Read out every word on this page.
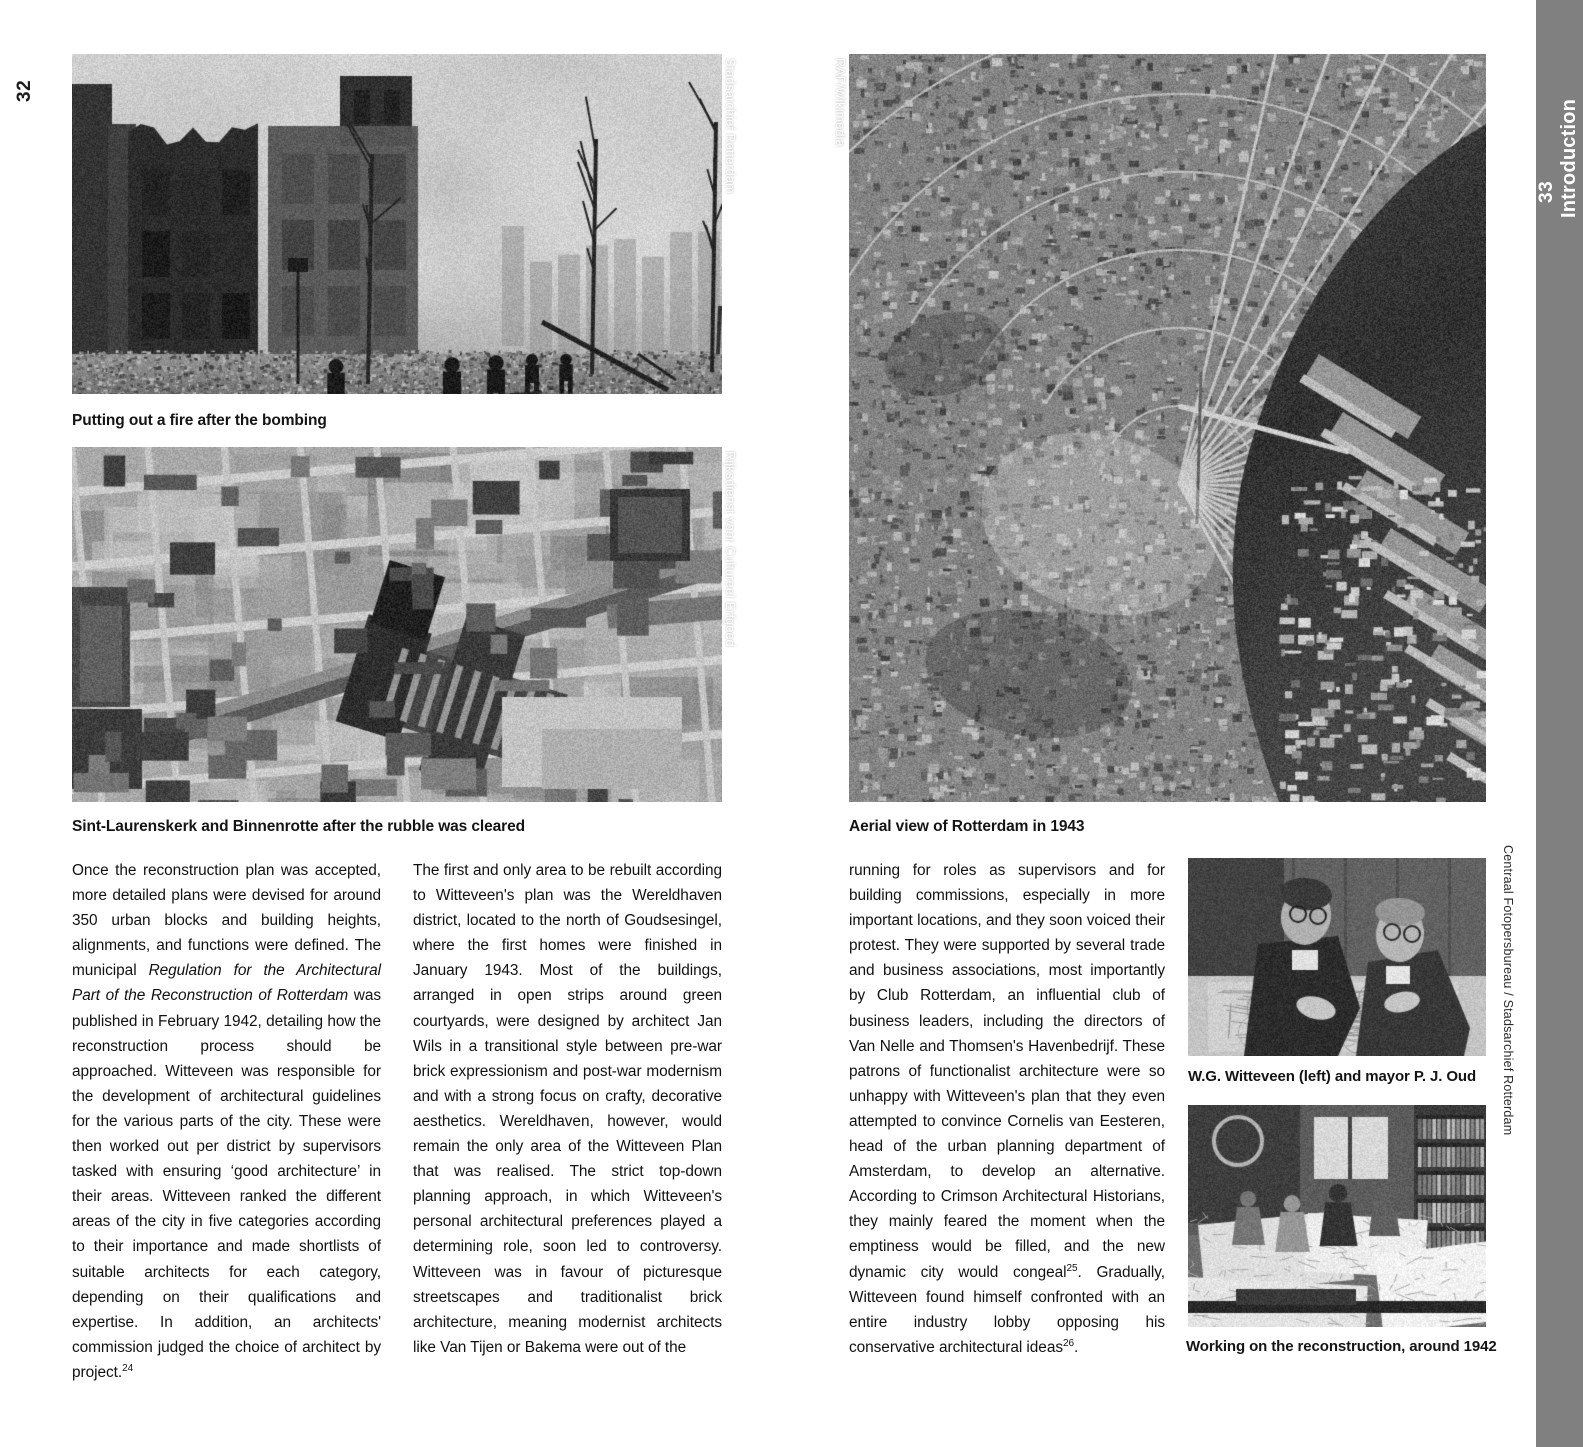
32	Stadsarchief Rotterdam
Putting out a fire after the bombing
Rijksdienst voor Cultureel Erfgoed
Sint-Laurenskerk and Binnenrotte after the rubble was cleared

Once the reconstruction plan was accepted, more detailed plans were devised for around 350 urban blocks and building heights, alignments, and functions were defined. The municipal Regulation for the Architectural Part of the Reconstruction of Rotterdam was published in February 1942, detailing how the reconstruction process should be approached. Witteveen was responsible for the development of architectural guidelines for the various parts of the city. These were then worked out per district by supervisors tasked with ensuring ‘good architecture’ in their areas. Witteveen ranked the different areas of the city in five categories according to their importance and made shortlists of suitable architects for each category, depending on their qualifications and expertise. In addition, an architects' commission judged the choice of architect by project.$^{24}$

The first and only area to be rebuilt according to Witteveen's plan was the Wereldhaven district, located to the north of Goudsesingel, where the first homes were finished in January 1943. Most of the buildings, arranged in open strips around green courtyards, were designed by architect Jan Wils in a transitional style between pre-war brick expressionism and post-war modernism and with a strong focus on crafty, decorative aesthetics. Wereldhaven, however, would remain the only area of the Witteveen Plan that was realised. The strict top-down planning approach, in which Witteveen's personal architectural preferences played a determining role, soon led to controversy. Witteveen was in favour of picturesque streetscapes and traditionalist brick architecture, meaning modernist architects like Van Tijen or Bakema were out of the

RAF/Wikimedia
Aerial view of Rotterdam in 1943

running for roles as supervisors and for building commissions, especially in more important locations, and they soon voiced their protest. They were supported by several trade and business associations, most importantly by Club Rotterdam, an influential club of business leaders, including the directors of Van Nelle and Thomsen's Havenbedrijf. These patrons of functionalist architecture were so unhappy with Witteveen's plan that they even attempted to convince Cornelis van Eesteren, head of the urban planning department of Amsterdam, to develop an alternative. According to Crimson Architectural Historians, they mainly feared the moment when the emptiness would be filled, and the new dynamic city would congeal$^{25}$. Gradually, Witteveen found himself confronted with an entire industry lobby opposing his conservative architectural ideas$^{26}$.

W.G. Witteveen (left) and mayor P. J. Oud Centraal Fotopersbureau / Stadsarchief Rotterdam
Working on the reconstruction, around 1942
33 Introduction
